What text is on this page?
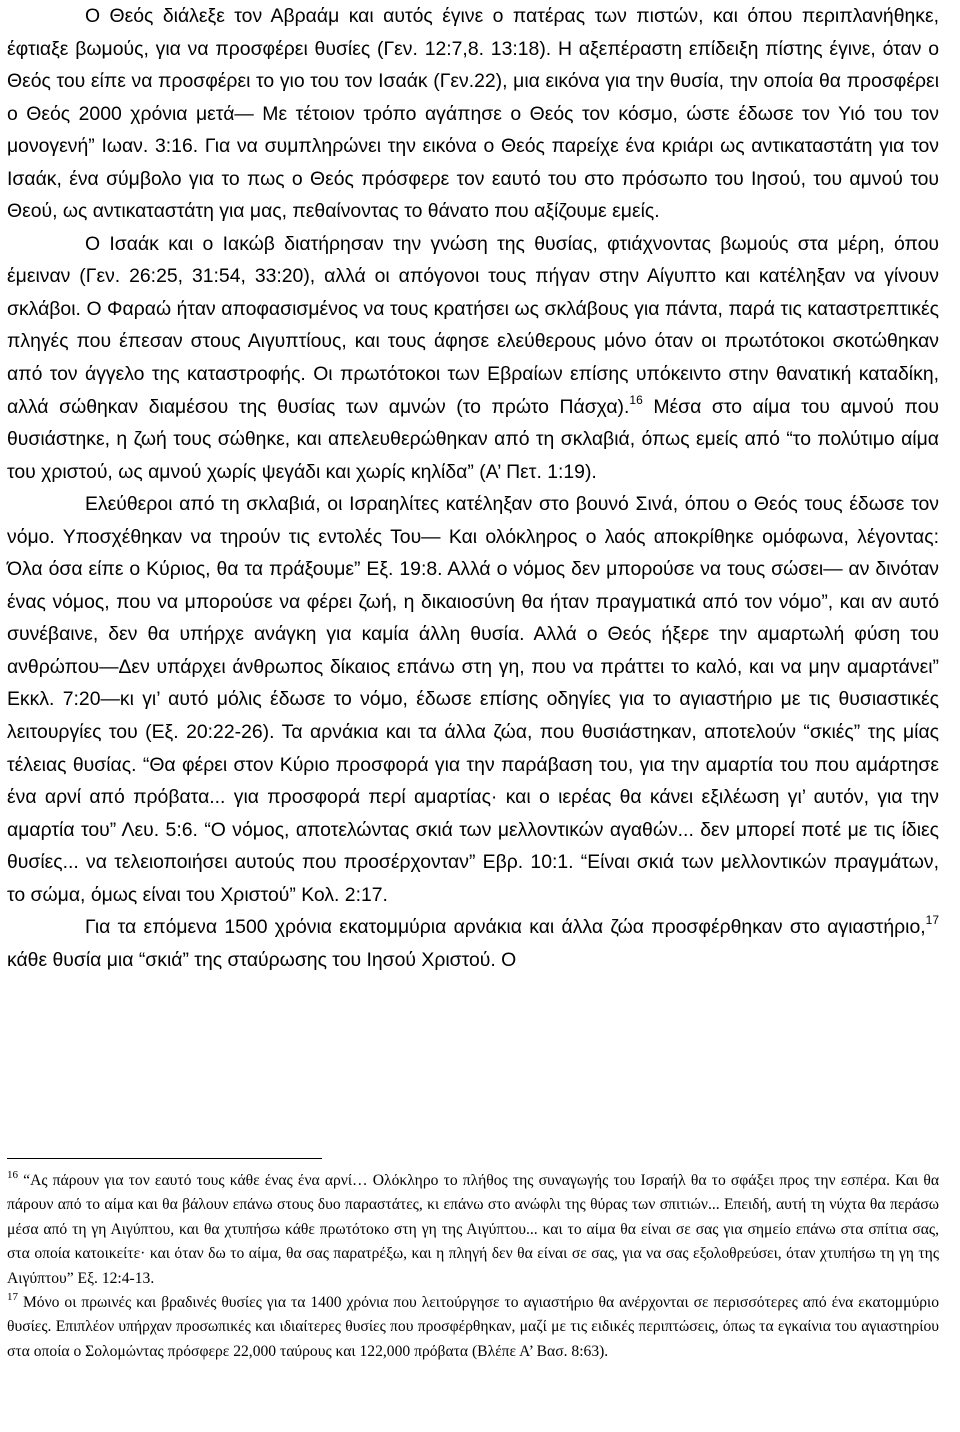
Ο Θεός διάλεξε τον Αβραάμ και αυτός έγινε ο πατέρας των πιστών, και όπου περιπλανήθηκε, έφτιαξε βωμούς, για να προσφέρει θυσίες (Γεν. 12:7,8. 13:18). Η αξεπέραστη επίδειξη πίστης έγινε, όταν ο Θεός του είπε να προσφέρει το γιο του τον Ισαάκ (Γεν.22), μια εικόνα για την θυσία, την οποία θα προσφέρει ο Θεός 2000 χρόνια μετά— Με τέτοιον τρόπο αγάπησε ο Θεός τον κόσμο, ώστε έδωσε τον Υιό του τον μονογενή” Ιωαν. 3:16. Για να συμπληρώνει την εικόνα ο Θεός παρείχε ένα κριάρι ως αντικαταστάτη για τον Ισαάκ, ένα σύμβολο για το πως ο Θεός πρόσφερε τον εαυτό του στο πρόσωπο του Ιησού, του αμνού του Θεού, ως αντικαταστάτη για μας, πεθαίνοντας το θάνατο που αξίζουμε εμείς.

Ο Ισαάκ και ο Ιακώβ διατήρησαν την γνώση της θυσίας, φτιάχνοντας βωμούς στα μέρη, όπου έμειναν (Γεν. 26:25, 31:54, 33:20), αλλά οι απόγονοι τους πήγαν στην Αίγυπτο και κατέληξαν να γίνουν σκλάβοι. Ο Φαραώ ήταν αποφασισμένος να τους κρατήσει ως σκλάβους για πάντα, παρά τις καταστρεπτικές πληγές που έπεσαν στους Αιγυπτίους, και τους άφησε ελεύθερους μόνο όταν οι πρωτότοκοι σκοτώθηκαν από τον άγγελο της καταστροφής. Οι πρωτότοκοι των Εβραίων επίσης υπόκειντο στην θανατική καταδίκη, αλλά σώθηκαν διαμέσου της θυσίας των αμνών (το πρώτο Πάσχα).$^{16}$ Μέσα στο αίμα του αμνού που θυσιάστηκε, η ζωή τους σώθηκε, και απελευθερώθηκαν από τη σκλαβιά, όπως εμείς από “το πολύτιμο αίμα του χριστού, ως αμνού χωρίς ψεγάδι και χωρίς κηλίδα” (Α’ Πετ. 1:19).

Ελεύθεροι από τη σκλαβιά, οι Ισραηλίτες κατέληξαν στο βουνό Σινά, όπου ο Θεός τους έδωσε τον νόμο. Υποσχέθηκαν να τηρούν τις εντολές Του— Και ολόκληρος ο λαός αποκρίθηκε ομόφωνα, λέγοντας: Όλα όσα είπε ο Κύριος, θα τα πράξουμε” Εξ. 19:8. Αλλά ο νόμος δεν μπορούσε να τους σώσει— αν δινόταν ένας νόμος, που να μπορούσε να φέρει ζωή, η δικαιοσύνη θα ήταν πραγματικά από τον νόμο”, και αν αυτό συνέβαινε, δεν θα υπήρχε ανάγκη για καμία άλλη θυσία. Αλλά ο Θεός ήξερε την αμαρτωλή φύση του ανθρώπου—Δεν υπάρχει άνθρωπος δίκαιος επάνω στη γη, που να πράττει το καλό, και να μην αμαρτάνει” Εκκλ. 7:20—κι γι’ αυτό μόλις έδωσε το νόμο, έδωσε επίσης οδηγίες για το αγιαστήριο με τις θυσιαστικές λειτουργίες του (Εξ. 20:22-26). Τα αρνάκια και τα άλλα ζώα, που θυσιάστηκαν, αποτελούν “σκιές” της μίας τέλειας θυσίας. “Θα φέρει στον Κύριο προσφορά για την παράβαση του, για την αμαρτία του που αμάρτησε ένα αρνί από πρόβατα... για προσφορά περί αμαρτίας· και ο ιερέας θα κάνει εξιλέωση γι’ αυτόν, για την αμαρτία του” Λευ. 5:6. “Ο νόμος, αποτελώντας σκιά των μελλοντικών αγαθών... δεν μπορεί ποτέ με τις ίδιες θυσίες... να τελειοποιήσει αυτούς που προσέρχονταν” Εβρ. 10:1. “Είναι σκιά των μελλοντικών πραγμάτων, το σώμα, όμως είναι του Χριστού” Κολ. 2:17.

Για τα επόμενα 1500 χρόνια εκατομμύρια αρνάκια και άλλα ζώα προσφέρθηκαν στο αγιαστήριο,$^{17}$ κάθε θυσία μια “σκιά” της σταύρωσης του Ιησού Χριστού. Ο

$^{16}$ “Ας πάρουν για τον εαυτό τους κάθε ένας ένα αρνί… Ολόκληρο το πλήθος της συναγωγής του Ισραήλ θα το σφάξει προς την εσπέρα. Και θα πάρουν από το αίμα και θα βάλουν επάνω στους δυο παραστάτες, κι επάνω στο ανώφλι της θύρας των σπιτιών... Επειδή, αυτή τη νύχτα θα περάσω μέσα από τη γη Αιγύπτου, και θα χτυπήσω κάθε πρωτότοκο στη γη της Αιγύπτου... και το αίμα θα είναι σε σας για σημείο επάνω στα σπίτια σας, στα οποία κατοικείτε· και όταν δω το αίμα, θα σας παρατρέξω, και η πληγή δεν θα είναι σε σας, για να σας εξολοθρεύσει, όταν χτυπήσω τη γη της Αιγύπτου” Εξ. 12:4-13.

$^{17}$ Μόνο οι πρωινές και βραδινές θυσίες για τα 1400 χρόνια που λειτούργησε το αγιαστήριο θα ανέρχονται σε περισσότερες από ένα εκατομμύριο θυσίες. Επιπλέον υπήρχαν προσωπικές και ιδιαίτερες θυσίες που προσφέρθηκαν, μαζί με τις ειδικές περιπτώσεις, όπως τα εγκαίνια του αγιαστηρίου στα οποία ο Σολομώντας πρόσφερε 22,000 ταύρους και 122,000 πρόβατα (Βλέπε Α’ Βασ. 8:63).
